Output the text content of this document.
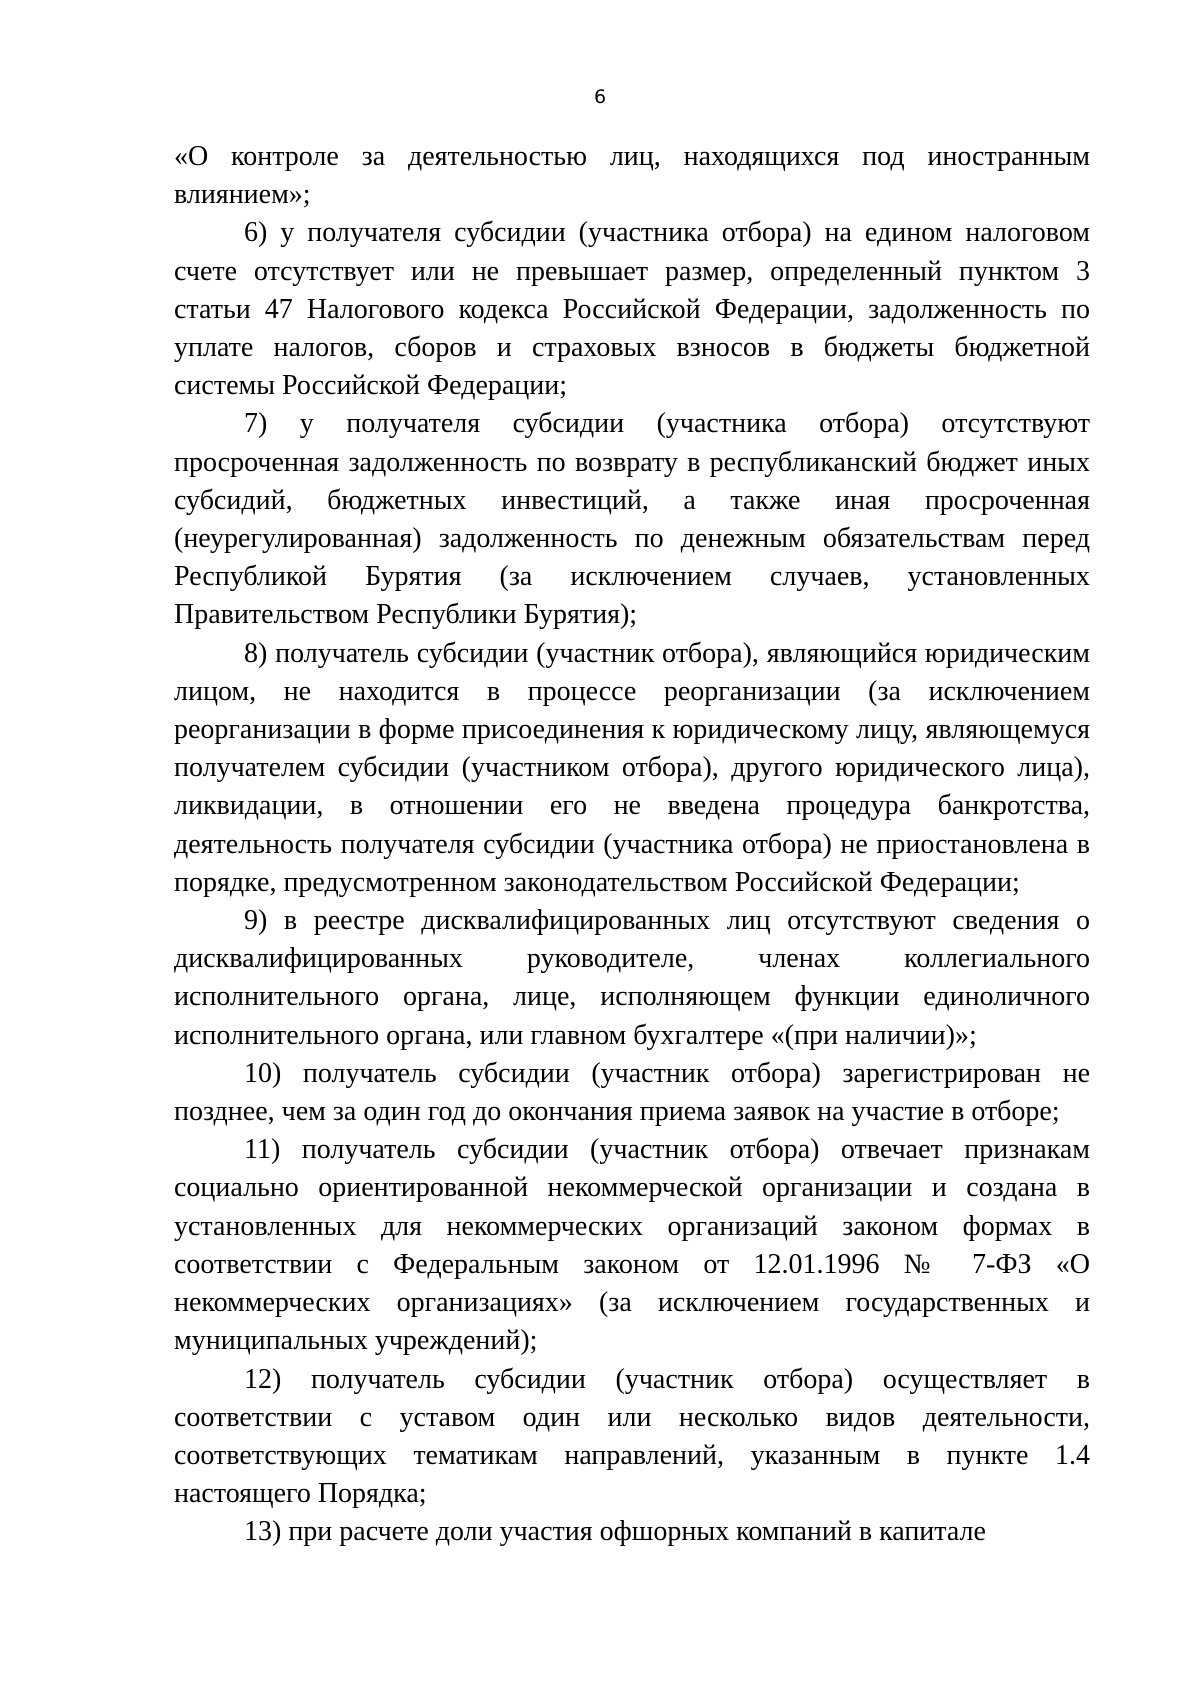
6

«О контроле за деятельностью лиц, находящихся под иностранным влиянием»;

6) у получателя субсидии (участника отбора) на едином налоговом счете отсутствует или не превышает размер, определенный пунктом 3 статьи 47 Налогового кодекса Российской Федерации, задолженность по уплате налогов, сборов и страховых взносов в бюджеты бюджетной системы Российской Федерации;

7) у получателя субсидии (участника отбора) отсутствуют просроченная задолженность по возврату в республиканский бюджет иных субсидий, бюджетных инвестиций, а также иная просроченная (неурегулированная) задолженность по денежным обязательствам перед Республикой Бурятия (за исключением случаев, установленных Правительством Республики Бурятия);

8) получатель субсидии (участник отбора), являющийся юридическим лицом, не находится в процессе реорганизации (за исключением реорганизации в форме присоединения к юридическому лицу, являющемуся получателем субсидии (участником отбора), другого юридического лица), ликвидации, в отношении его не введена процедура банкротства, деятельность получателя субсидии (участника отбора) не приостановлена в порядке, предусмотренном законодательством Российской Федерации;

9) в реестре дисквалифицированных лиц отсутствуют сведения о дисквалифицированных руководителе, членах коллегиального исполнительного органа, лице, исполняющем функции единоличного исполнительного органа, или главном бухгалтере «(при наличии)»;

10) получатель субсидии (участник отбора) зарегистрирован не позднее, чем за один год до окончания приема заявок на участие в отборе;

11) получатель субсидии (участник отбора) отвечает признакам социально ориентированной некоммерческой организации и создана в установленных для некоммерческих организаций законом формах в соответствии с Федеральным законом от 12.01.1996 № 7-ФЗ «О некоммерческих организациях» (за исключением государственных и муниципальных учреждений);

12) получатель субсидии (участник отбора) осуществляет в соответствии с уставом один или несколько видов деятельности, соответствующих тематикам направлений, указанным в пункте 1.4 настоящего Порядка;

13) при расчете доли участия офшорных компаний в капитале
